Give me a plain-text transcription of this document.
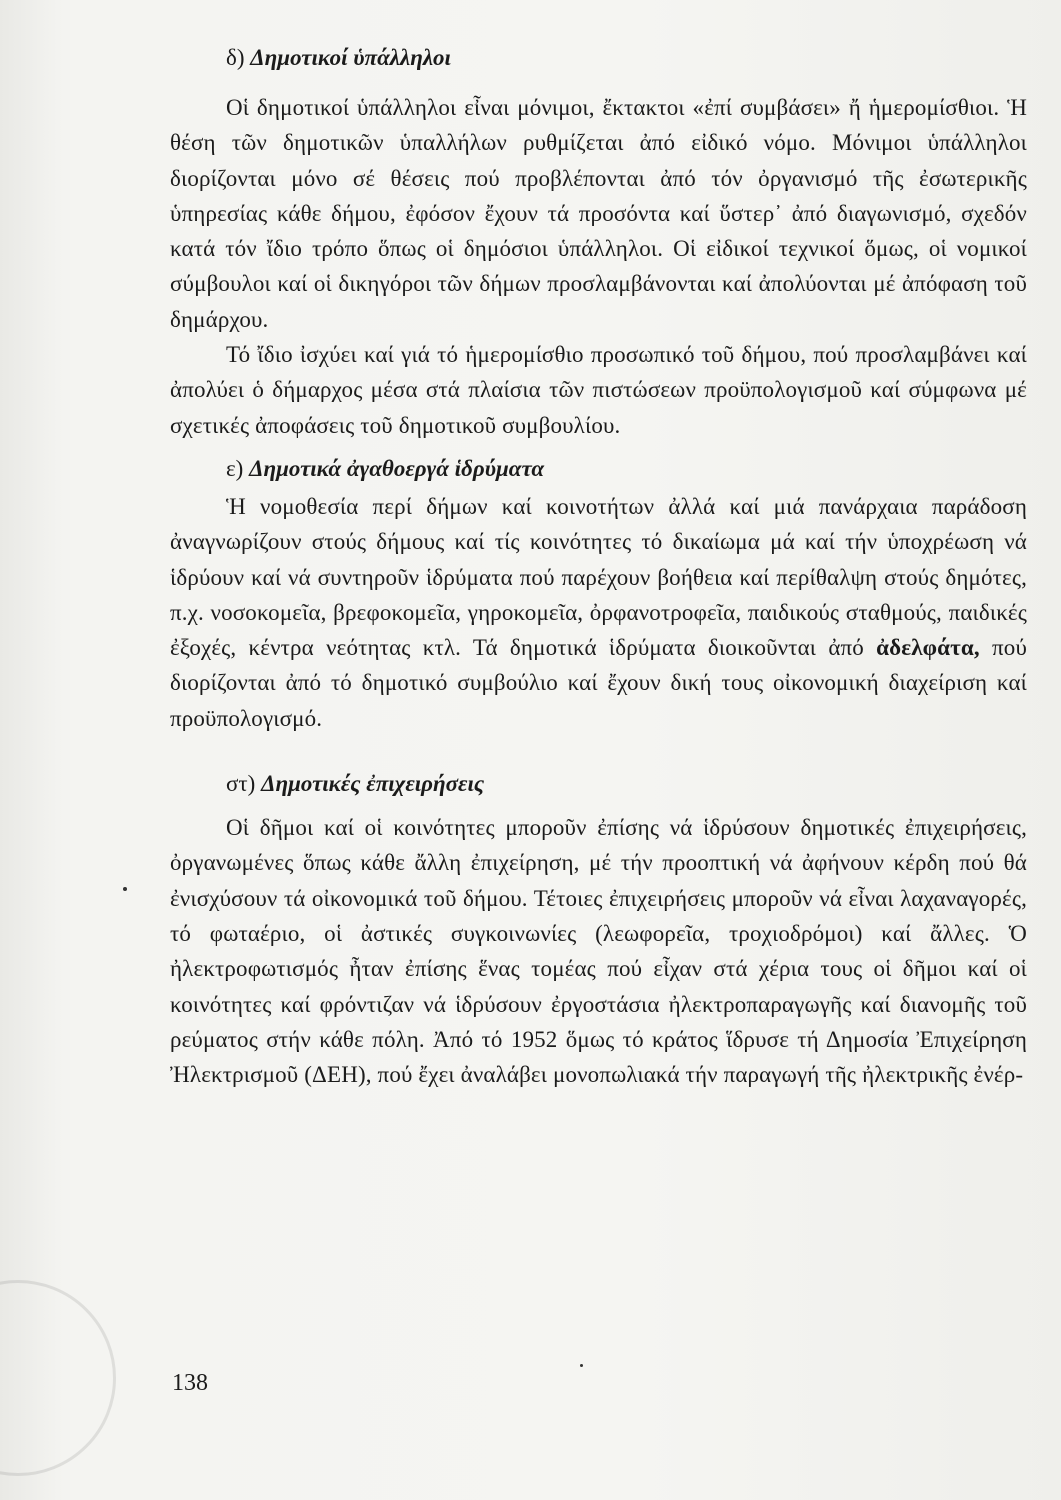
δ) Δημοτικοί ὑπάλληλοι

Οἱ δημοτικοί ὑπάλληλοι εἶναι μόνιμοι, ἔκτακτοι «ἐπί συμβάσει» ἤ ἡμερομίσθιοι. Ἡ θέση τῶν δημοτικῶν ὑπαλλήλων ρυθμίζεται ἀπό εἰδικό νόμο. Μόνιμοι ὑπάλληλοι διορίζονται μόνο σέ θέσεις πού προβλέπονται ἀπό τόν ὀργανισμό τῆς ἐσωτερικῆς ὑπηρεσίας κάθε δήμου, ἐφόσον ἔχουν τά προσόντα καί ὕστερ᾽ ἀπό διαγωνισμό, σχεδόν κατά τόν ἴδιο τρόπο ὅπως οἱ δημόσιοι ὑπάλληλοι. Οἱ εἰδικοί τεχνικοί ὅμως, οἱ νομικοί σύμβουλοι καί οἱ δικηγόροι τῶν δήμων προσλαμβάνονται καί ἀπολύονται μέ ἀπόφαση τοῦ δημάρχου.

Τό ἴδιο ἰσχύει καί γιά τό ἡμερομίσθιο προσωπικό τοῦ δήμου, πού προσλαμβάνει καί ἀπολύει ὁ δήμαρχος μέσα στά πλαίσια τῶν πιστώσεων προϋπολογισμοῦ καί σύμφωνα μέ σχετικές ἀποφάσεις τοῦ δημοτικοῦ συμβουλίου.

ε) Δημοτικά ἀγαθοεργά ἱδρύματα

Ἡ νομοθεσία περί δήμων καί κοινοτήτων ἀλλά καί μιά πανάρχαια παράδοση ἀναγνωρίζουν στούς δήμους καί τίς κοινότητες τό δικαίωμα μά καί τήν ὑποχρέωση νά ἱδρύουν καί νά συντηροῦν ἱδρύματα πού παρέχουν βοήθεια καί περίθαλψη στούς δημότες, π.χ. νοσοκομεῖα, βρεφοκομεῖα, γηροκομεῖα, ὀρφανοτροφεῖα, παιδικούς σταθμούς, παιδικές ἐξοχές, κέντρα νεότητας κτλ. Τά δημοτικά ἱδρύματα διοικοῦνται ἀπό ἀδελφάτα, πού διορίζονται ἀπό τό δημοτικό συμβούλιο καί ἔχουν δική τους οἰκονομική διαχείριση καί προϋπολογισμό.

στ) Δημοτικές ἐπιχειρήσεις

Οἱ δῆμοι καί οἱ κοινότητες μποροῦν ἐπίσης νά ἱδρύσουν δημοτικές ἐπιχειρήσεις, ὀργανωμένες ὅπως κάθε ἄλλη ἐπιχείρηση, μέ τήν προοπτική νά ἀφήνουν κέρδη πού θά ἐνισχύσουν τά οἰκονομικά τοῦ δήμου. Τέτοιες ἐπιχειρήσεις μποροῦν νά εἶναι λαχαναγορές, τό φωταέριο, οἱ ἀστικές συγκοινωνίες (λεωφορεῖα, τροχιοδρόμοι) καί ἄλλες. Ὁ ἠλεκτροφωτισμός ἦταν ἐπίσης ἕνας τομέας πού εἶχαν στά χέρια τους οἱ δῆμοι καί οἱ κοινότητες καί φρόντιζαν νά ἱδρύσουν ἐργοστάσια ἠλεκτροπαραγωγῆς καί διανομῆς τοῦ ρεύματος στήν κάθε πόλη. Ἀπό τό 1952 ὅμως τό κράτος ἵδρυσε τή Δημοσία Ἐπιχείρηση Ἠλεκτρισμοῦ (ΔΕΗ), πού ἔχει ἀναλάβει μονοπωλιακά τήν παραγωγή τῆς ἠλεκτρικῆς ἐνέρ-

138
